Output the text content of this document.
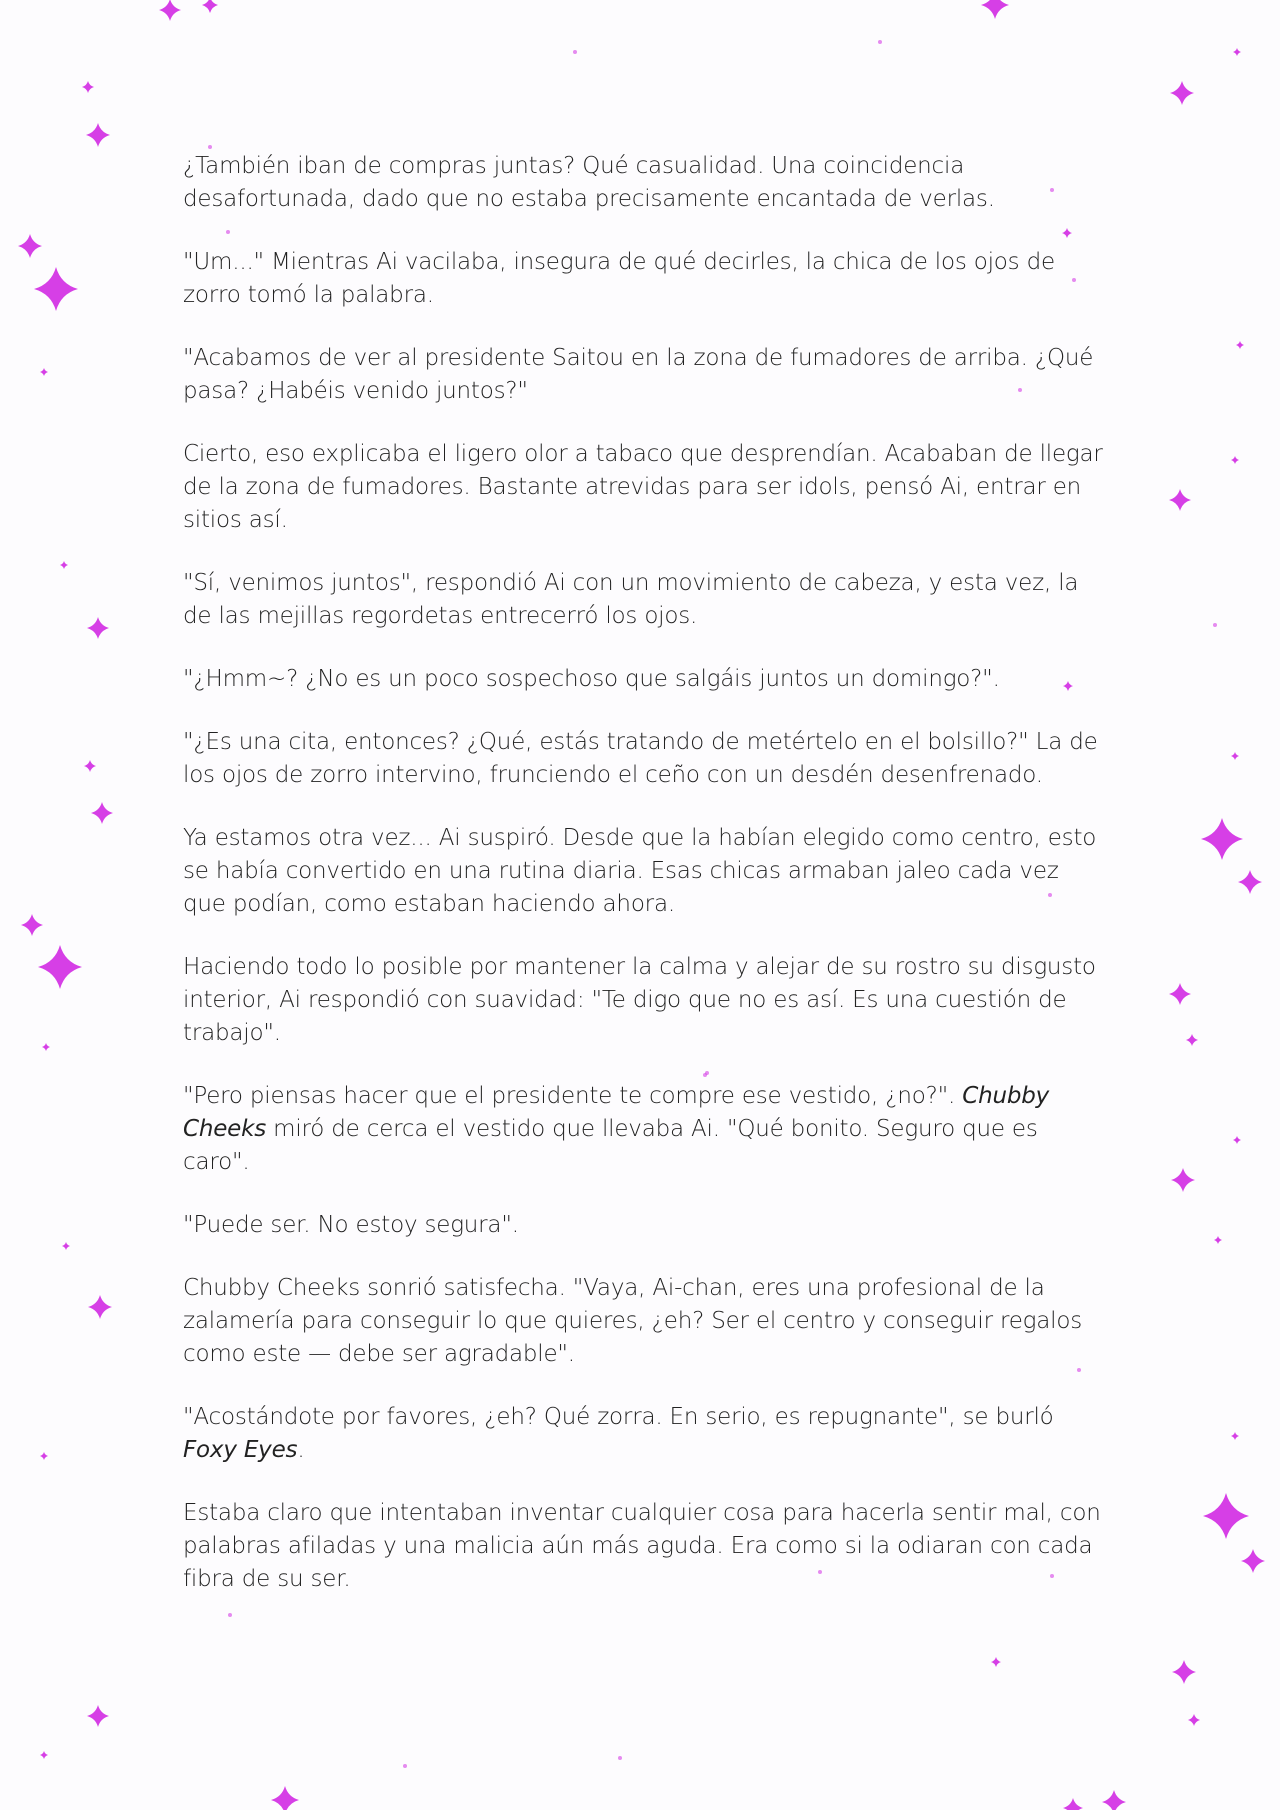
¿También iban de compras juntas? Qué casualidad. Una coincidencia desafortunada, dado que no estaba precisamente encantada de verlas.

"Um..." Mientras Ai vacilaba, insegura de qué decirles, la chica de los ojos de zorro tomó la palabra.

"Acabamos de ver al presidente Saitou en la zona de fumadores de arriba. ¿Qué pasa? ¿Habéis venido juntos?"

Cierto, eso explicaba el ligero olor a tabaco que desprendían. Acababan de llegar de la zona de fumadores. Bastante atrevidas para ser idols, pensó Ai, entrar en sitios así.

"Sí, venimos juntos", respondió Ai con un movimiento de cabeza, y esta vez, la de las mejillas regordetas entrecerró los ojos.

"¿Hmm~? ¿No es un poco sospechoso que salgáis juntos un domingo?".

"¿Es una cita, entonces? ¿Qué, estás tratando de metértelo en el bolsillo?" La de los ojos de zorro intervino, frunciendo el ceño con un desdén desenfrenado.

Ya estamos otra vez... Ai suspiró. Desde que la habían elegido como centro, esto se había convertido en una rutina diaria. Esas chicas armaban jaleo cada vez que podían, como estaban haciendo ahora.

Haciendo todo lo posible por mantener la calma y alejar de su rostro su disgusto interior, Ai respondió con suavidad: "Te digo que no es así. Es una cuestión de trabajo".

"Pero piensas hacer que el presidente te compre ese vestido, ¿no?". Chubby Cheeks miró de cerca el vestido que llevaba Ai. "Qué bonito. Seguro que es caro".

"Puede ser. No estoy segura".

Chubby Cheeks sonrió satisfecha. "Vaya, Ai-chan, eres una profesional de la zalamería para conseguir lo que quieres, ¿eh? Ser el centro y conseguir regalos como este — debe ser agradable".

"Acostándote por favores, ¿eh? Qué zorra. En serio, es repugnante", se burló Foxy Eyes.

Estaba claro que intentaban inventar cualquier cosa para hacerla sentir mal, con palabras afiladas y una malicia aún más aguda. Era como si la odiaran con cada fibra de su ser.
